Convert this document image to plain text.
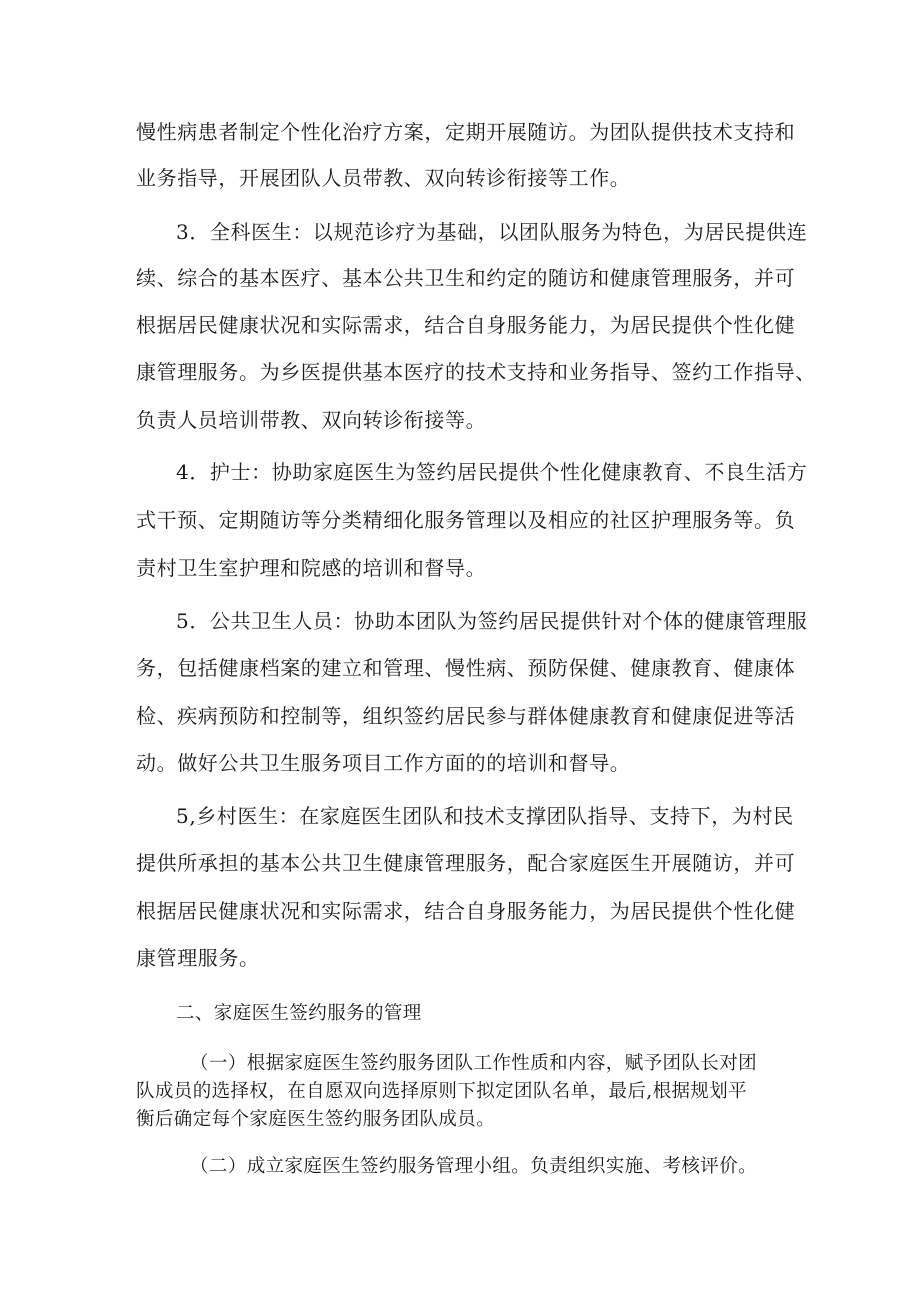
慢性病患者制定个性化治疗方案，定期开展随访。为团队提供技术支持和
业务指导，开展团队人员带教、双向转诊衔接等工作。
3．全科医生：以规范诊疗为基础，以团队服务为特色，为居民提供连
续、综合的基本医疗、基本公共卫生和约定的随访和健康管理服务，并可
根据居民健康状况和实际需求，结合自身服务能力，为居民提供个性化健
康管理服务。为乡医提供基本医疗的技术支持和业务指导、签约工作指导、
负责人员培训带教、双向转诊衔接等。
4．护士：协助家庭医生为签约居民提供个性化健康教育、不良生活方
式干预、定期随访等分类精细化服务管理以及相应的社区护理服务等。负
责村卫生室护理和院感的培训和督导。
5．公共卫生人员：协助本团队为签约居民提供针对个体的健康管理服
务，包括健康档案的建立和管理、慢性病、预防保健、健康教育、健康体
检、疾病预防和控制等，组织签约居民参与群体健康教育和健康促进等活
动。做好公共卫生服务项目工作方面的的培训和督导。
5,乡村医生：在家庭医生团队和技术支撑团队指导、支持下，为村民
提供所承担的基本公共卫生健康管理服务，配合家庭医生开展随访，并可
根据居民健康状况和实际需求，结合自身服务能力，为居民提供个性化健
康管理服务。
二、家庭医生签约服务的管理
（一）根据家庭医生签约服务团队工作性质和内容，赋予团队长对团
队成员的选择权，在自愿双向选择原则下拟定团队名单，最后,根据规划平
衡后确定每个家庭医生签约服务团队成员。
（二）成立家庭医生签约服务管理小组。负责组织实施、考核评价。
